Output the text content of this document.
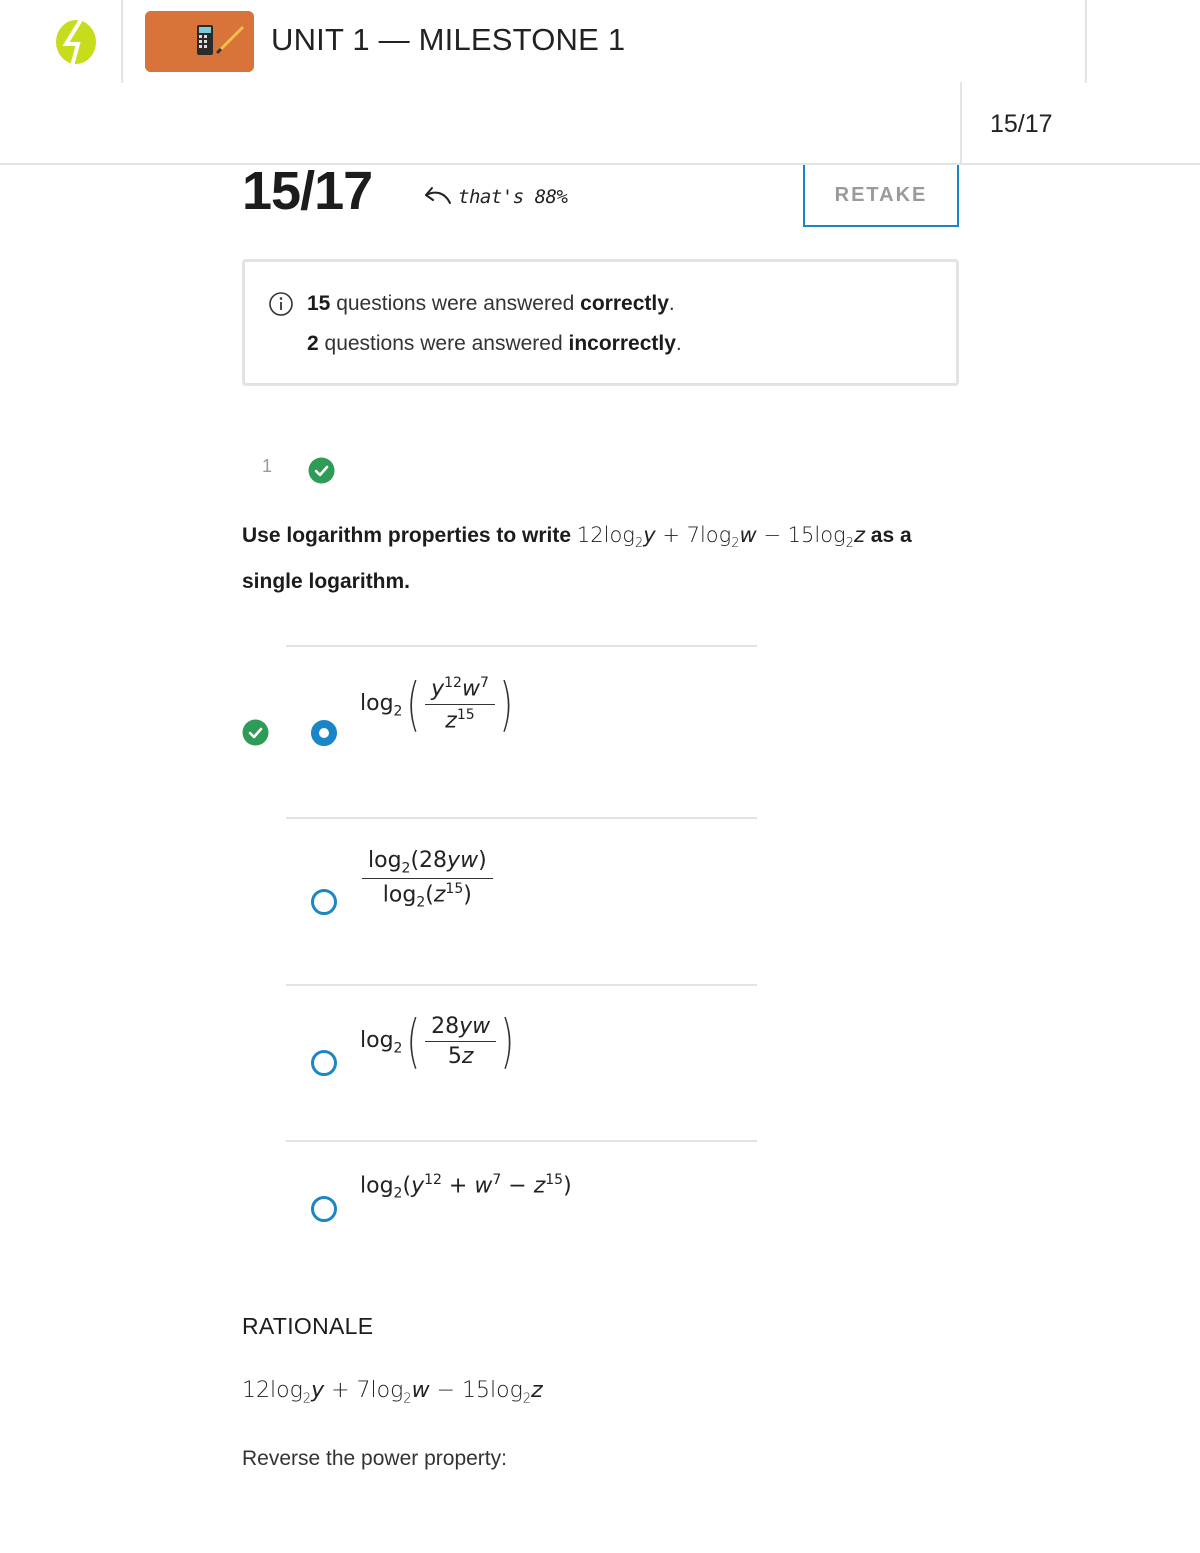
UNIT 1 — MILESTONE 1
15/17
15/17	that's 88%	RETAKE
15 questions were answered correctly.
2 questions were answered incorrectly.
1
Use logarithm properties to write $12\log_2y + 7\log_2w - 15\log_2z$ as a single logarithm.
$\log_2( \frac{y^{12}w^7}{z^{15}}$ )
$\frac{\log_2(28yw)}{\log_2(z^{15})}$
$\log_2( \frac{28yw}{5z}$ )
$\log_2(y^{12} + w^7 - z^{15})$
RATIONALE
$12\log_2y + 7\log_2w - 15\log_2z$
Reverse the power property:
